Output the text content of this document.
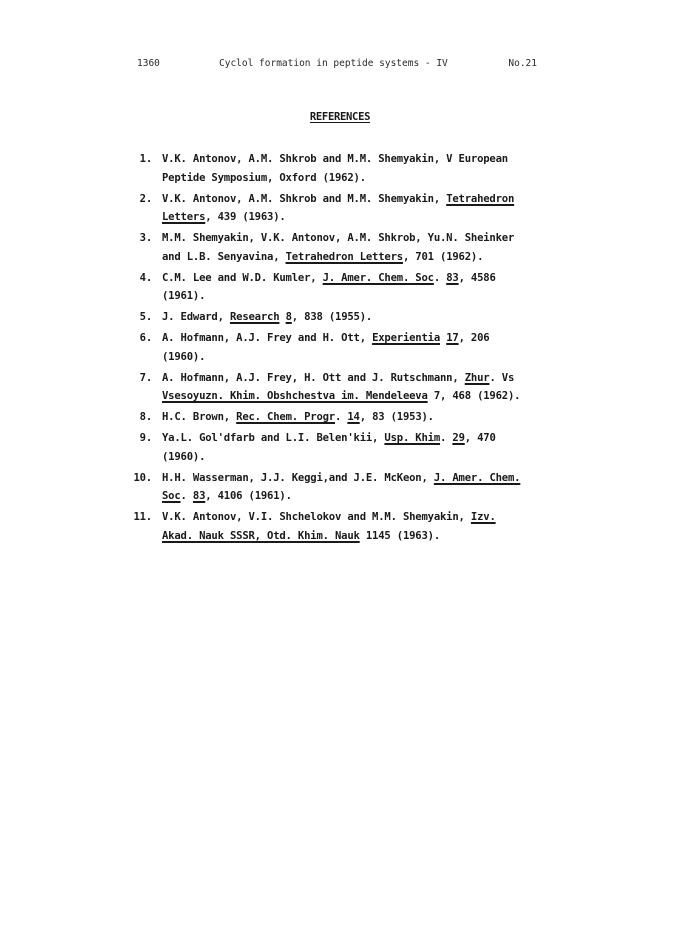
1360	Cyclol formation in peptide systems - IV	No.21
REFERENCES
1. V.K. Antonov, A.M. Shkrob and M.M. Shemyakin, V European
Peptide Symposium, Oxford (1962).
2. V.K. Antonov, A.M. Shkrob and M.M. Shemyakin, Tetrahedron
Letters, 439 (1963).
3. M.M. Shemyakin, V.K. Antonov, A.M. Shkrob, Yu.N. Sheinker
and L.B. Senyavina, Tetrahedron Letters, 701 (1962).
4. C.M. Lee and W.D. Kumler, J. Amer. Chem. Soc. 83, 4586
(1961).
5. J. Edward, Research 8, 838 (1955).
6. A. Hofmann, A.J. Frey and H. Ott, Experientia 17, 206
(1960).
7. A. Hofmann, A.J. Frey, H. Ott and J. Rutschmann, Zhur. Vs
Vsesoyuzn. Khim. Obshchestva im. Mendeleeva 7, 468 (1962).
8. H.C. Brown, Rec. Chem. Progr. 14, 83 (1953).
9. Ya.L. Gol'dfarb and L.I. Belen'kii, Usp. Khim. 29, 470
(1960).
10. H.H. Wasserman, J.J. Keggi,and J.E. McKeon, J. Amer. Chem.
Soc. 83, 4106 (1961).
11. V.K. Antonov, V.I. Shchelokov and M.M. Shemyakin, Izv.
Akad. Nauk SSSR, Otd. Khim. Nauk 1145 (1963).
